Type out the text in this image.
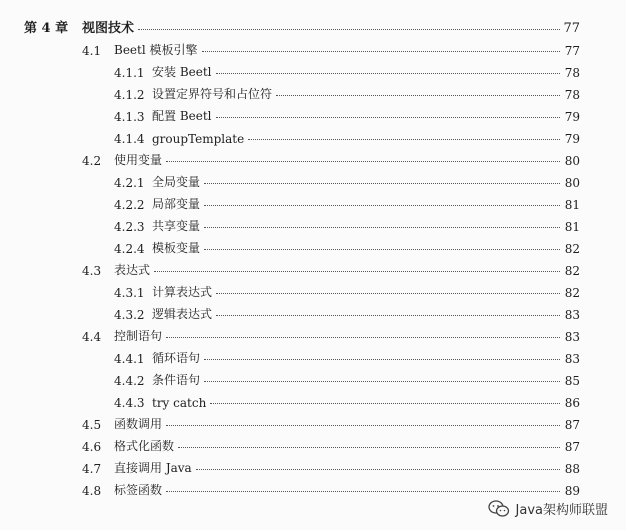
第 4 章 视图技术	77
4.1 Beetl 模板引擎	77
4.1.1 安装 Beetl	78
4.1.2 设置定界符号和占位符	78
4.1.3 配置 Beetl	79
4.1.4 groupTemplate	79
4.2 使用变量	80
4.2.1 全局变量	80
4.2.2 局部变量	81
4.2.3 共享变量	81
4.2.4 模板变量	82
4.3 表达式	82
4.3.1 计算表达式	82
4.3.2 逻辑表达式	83
4.4 控制语句	83
4.4.1 循环语句	83
4.4.2 条件语句	85
4.4.3 try catch	86
4.5 函数调用	87
4.6 格式化函数	87
4.7 直接调用 Java	88
4.8 标签函数	89
Java架构师联盟
